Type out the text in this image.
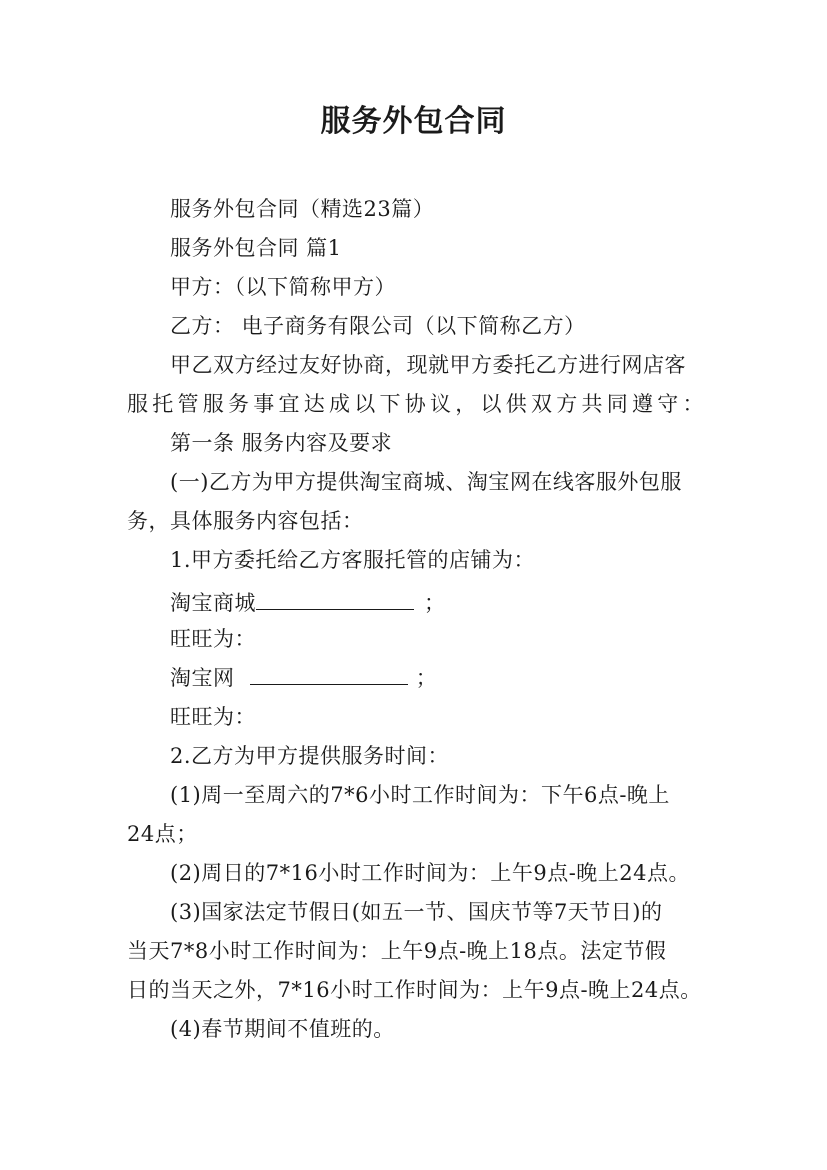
服务外包合同
服务外包合同（精选23篇）
服务外包合同 篇1
甲方：（以下简称甲方）
乙方： 电子商务有限公司（以下简称乙方）
甲乙双方经过友好协商，现就甲方委托乙方进行网店客
服托管服务事宜达成以下协议，以供双方共同遵守：
第一条 服务内容及要求
(一)乙方为甲方提供淘宝商城、淘宝网在线客服外包服
务，具体服务内容包括：
1.甲方委托给乙方客服托管的店铺为：
淘宝商城	；
旺旺为：
淘宝网	；
旺旺为：
2.乙方为甲方提供服务时间：
(1)周一至周六的7*6小时工作时间为：下午6点-晚上
24点；
(2)周日的7*16小时工作时间为：上午9点-晚上24点。
(3)国家法定节假日(如五一节、国庆节等7天节日)的
当天7*8小时工作时间为：上午9点-晚上18点。法定节假
日的当天之外，7*16小时工作时间为：上午9点-晚上24点。
(4)春节期间不值班的。
